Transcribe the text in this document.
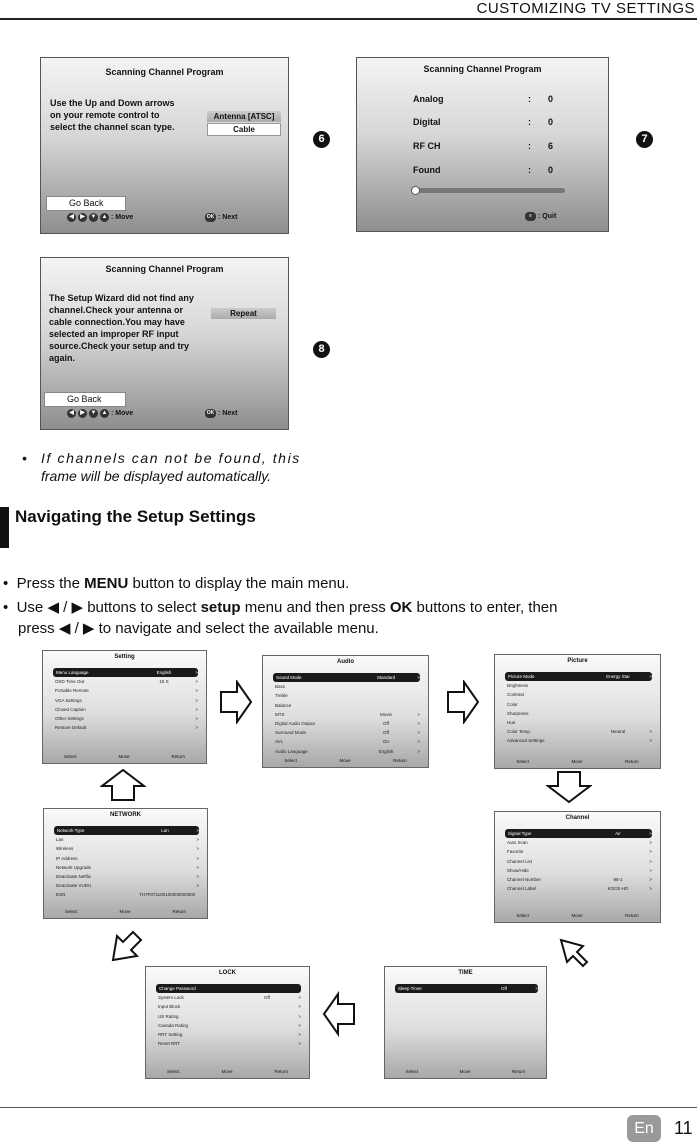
CUSTOMIZING TV SETTINGS
Scanning Channel Program
Use the Up and Down arrows
on your remote control to
select the channel scan type.
Antenna [ATSC]
Cable
Go Back
◀	▶ ▼ ▲ : Move	OK : Next
6
Scanning Channel Program
Analog	:	0
Digital	:	0
RF CH	:	6
Found	:	0
≡ : Quit
7
Scanning Channel Program
The Setup Wizard did not find any
channel.Check your antenna or
cable connection.You may have
selected an improper RF input
source.Check your setup and try
again.
Repeat
Go Back
◀	▶ ▼ ▲ : Move	OK : Next
8
• If channels can not be found, this
frame will be displayed automatically.
Navigating the Setup Settings
•  Press the MENU button to display the main menu.
•  Use ◀ / ▶ buttons to select setup menu and then press OK buttons to enter, then
press ◀ / ▶ to navigate and select the available menu.
Setting
Menu Language	English	>
OSD Time Out	15 S	>
Portable Remote	>
VGA Settings	>
Closed Caption	>
Other Settings	>
Restore Default	>
Select	Move	Return
Audio
Sound Mode	Standard	>
Bass
Treble
Balance
MTS	Movie	>
Digital Audio Output	Off	>
Surround Mode	Off	>
AVL	On	>
Audio Language	English	>
Select	Move	Return
Picture
Picture Mode	Energy Star	>
Brightness
Contrast
Color
Sharpness
Hue
Color Temp.	Neutral	>
Advanced Settings	>
Select	Move	Return
NETWORK
Network Type	Lan	>
Lan	>
Wireless	>
IP Address	>
Network Upgrade	>
Deactivate Netflix	>
Deactivate VUDU	>
ESN	TH7P071100100000000000
Select	Move	Return
Channel
Signal Type	Air	>
Auto Scan	>
Favorite	>
Channel List	>
Show/Hide	>
Channel Number	95-1	>
Channel Label	KOCE-HD	>
Select	Move	Return
LOCK
Change Password
System Lock	Off	>
Input Block	>
US Rating	>
Canada Rating	>
RRT Setting	>
Reset RRT	>
Select	Move	Return
TIME
Sleep Timer	Off	>
Select	Move	Return
En	11
